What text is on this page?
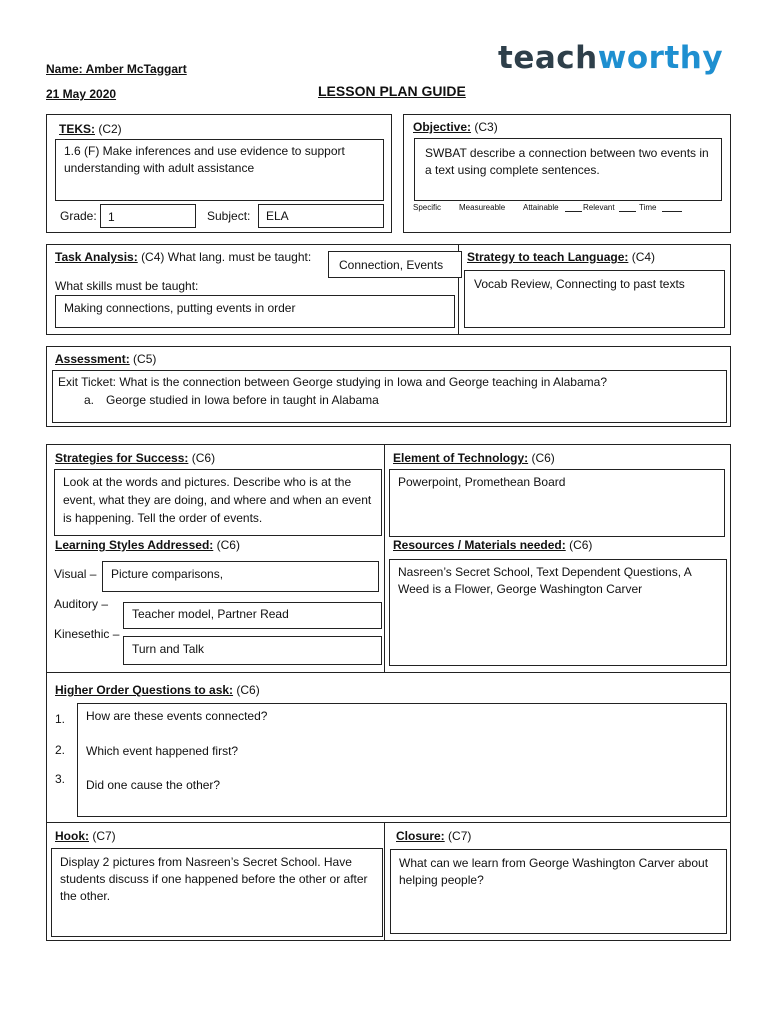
Name: Amber McTaggart
21 May 2020	LESSON PLAN GUIDE
teachworthy
TEKS: (C2)
1.6 (F) Make inferences and use evidence to support understanding with adult assistance
Grade: 1	Subject: ELA
Objective: (C3)
SWBAT describe a connection between two events in a text using complete sentences.
Specific Measureable Attainable	Relevant	Time
Task Analysis: (C4) What lang. must be taught:
Connection, Events
What skills must be taught:
Making connections, putting events in order
Strategy to teach Language: (C4)
Vocab Review, Connecting to past texts
Assessment: (C5)
Exit Ticket: What is the connection between George studying in Iowa and George teaching in Alabama?
a. George studied in Iowa before in taught in Alabama
Strategies for Success: (C6)
Look at the words and pictures. Describe who is at the event, what they are doing, and where and when an event is happening. Tell the order of events.
Element of Technology: (C6)
Powerpoint, Promethean Board
Learning Styles Addressed: (C6)
Visual – Picture comparisons,
Auditory –
Teacher model, Partner Read
Kinesethic –
Turn and Talk
Resources / Materials needed: (C6)
Nasreen’s Secret School, Text Dependent Questions, A Weed is a Flower, George Washington Carver
Higher Order Questions to ask: (C6)
1. How are these events connected?
2. Which event happened first?
3. Did one cause the other?
Hook: (C7)
Display 2 pictures from Nasreen’s Secret School. Have students discuss if one happened before the other or after the other.
Closure: (C7)
What can we learn from George Washington Carver about helping people?
